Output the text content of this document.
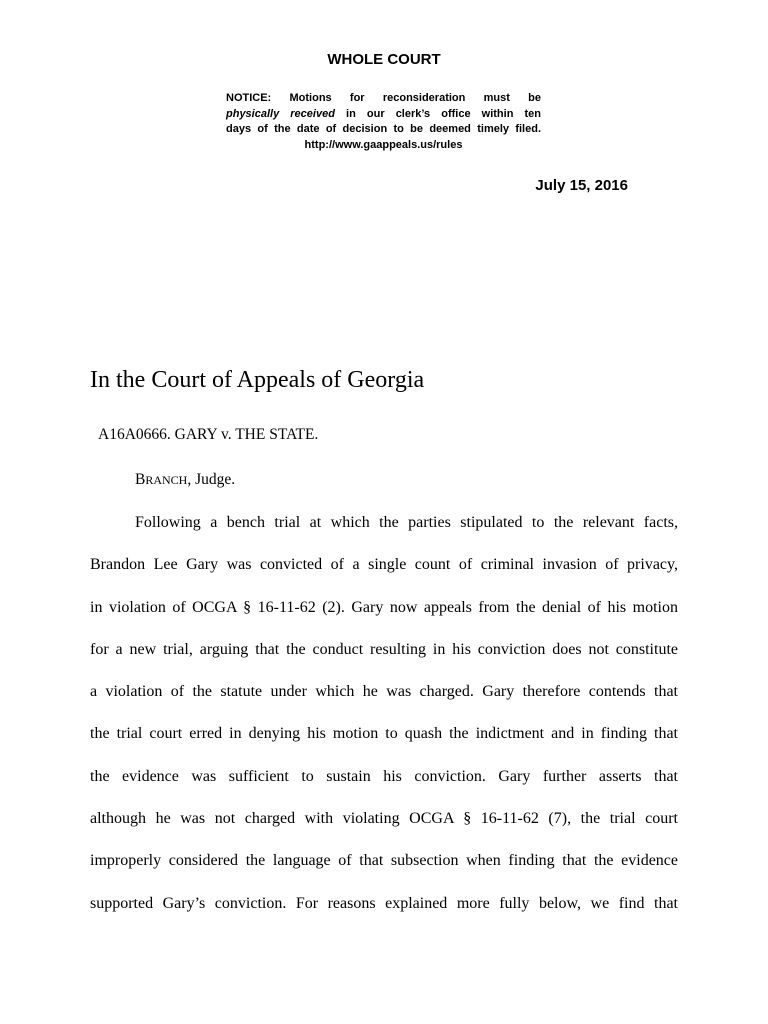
WHOLE COURT
NOTICE: Motions for reconsideration must be
physically received in our clerk’s office within ten
days of the date of decision to be deemed timely filed.
http://www.gaappeals.us/rules
July 15, 2016
In the Court of Appeals of Georgia
A16A0666. GARY v. THE STATE.
BRANCH, Judge.
Following a bench trial at which the parties stipulated to the relevant facts,
Brandon Lee Gary was convicted of a single count of criminal invasion of privacy,
in violation of OCGA § 16-11-62 (2). Gary now appeals from the denial of his motion
for a new trial, arguing that the conduct resulting in his conviction does not constitute
a violation of the statute under which he was charged. Gary therefore contends that
the trial court erred in denying his motion to quash the indictment and in finding that
the evidence was sufficient to sustain his conviction. Gary further asserts that
although he was not charged with violating OCGA § 16-11-62 (7), the trial court
improperly considered the language of that subsection when finding that the evidence
supported Gary’s conviction. For reasons explained more fully below, we find that
